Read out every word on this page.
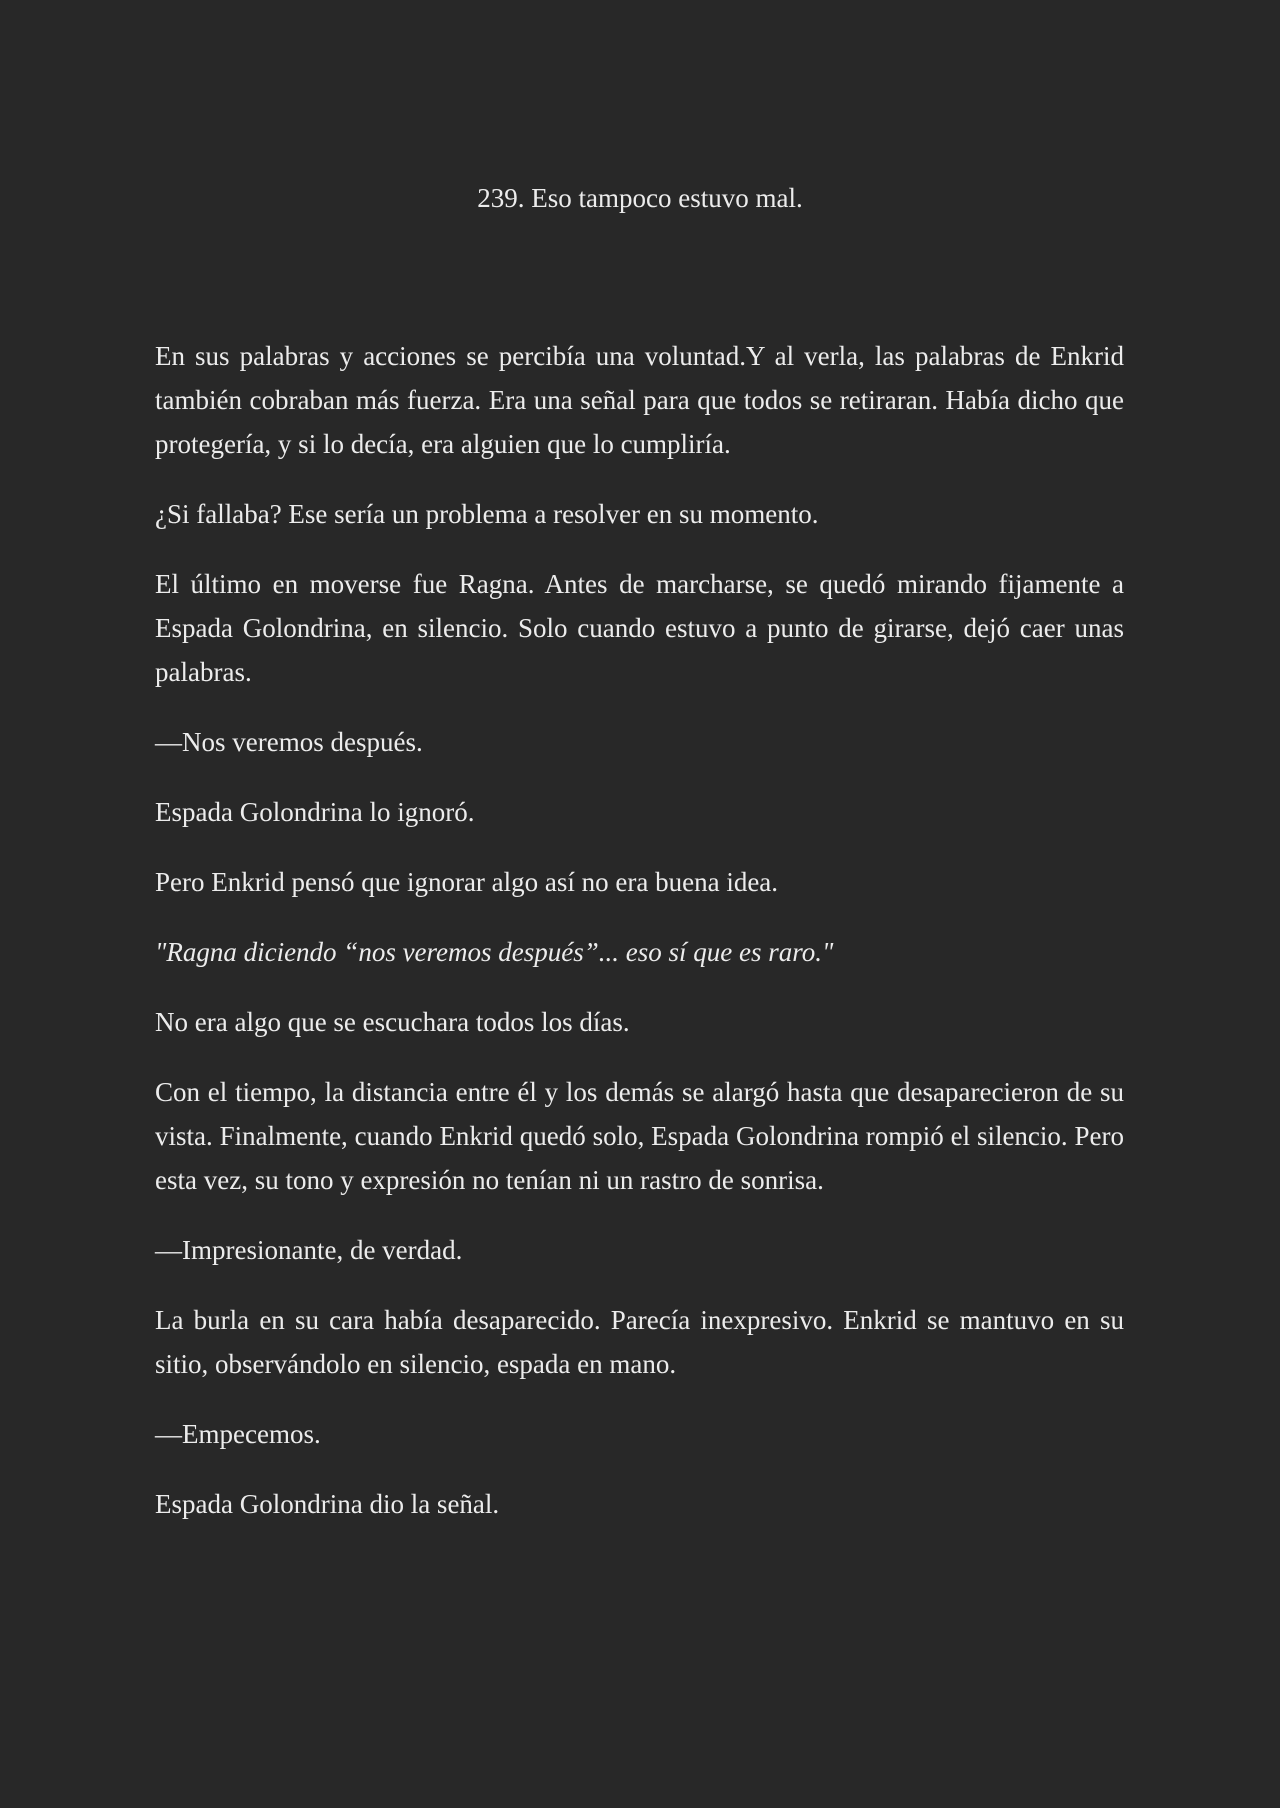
239. Eso tampoco estuvo mal.

En sus palabras y acciones se percibía una voluntad.Y al verla, las palabras de Enkrid también cobraban más fuerza. Era una señal para que todos se retiraran. Había dicho que protegería, y si lo decía, era alguien que lo cumpliría.

¿Si fallaba? Ese sería un problema a resolver en su momento.

El último en moverse fue Ragna. Antes de marcharse, se quedó mirando fijamente a Espada Golondrina, en silencio. Solo cuando estuvo a punto de girarse, dejó caer unas palabras.

—Nos veremos después.

Espada Golondrina lo ignoró.

Pero Enkrid pensó que ignorar algo así no era buena idea.

"Ragna diciendo “nos veremos después”... eso sí que es raro."

No era algo que se escuchara todos los días.

Con el tiempo, la distancia entre él y los demás se alargó hasta que desaparecieron de su vista. Finalmente, cuando Enkrid quedó solo, Espada Golondrina rompió el silencio. Pero esta vez, su tono y expresión no tenían ni un rastro de sonrisa.

—Impresionante, de verdad.

La burla en su cara había desaparecido. Parecía inexpresivo. Enkrid se mantuvo en su sitio, observándolo en silencio, espada en mano.

—Empecemos.

Espada Golondrina dio la señal.
